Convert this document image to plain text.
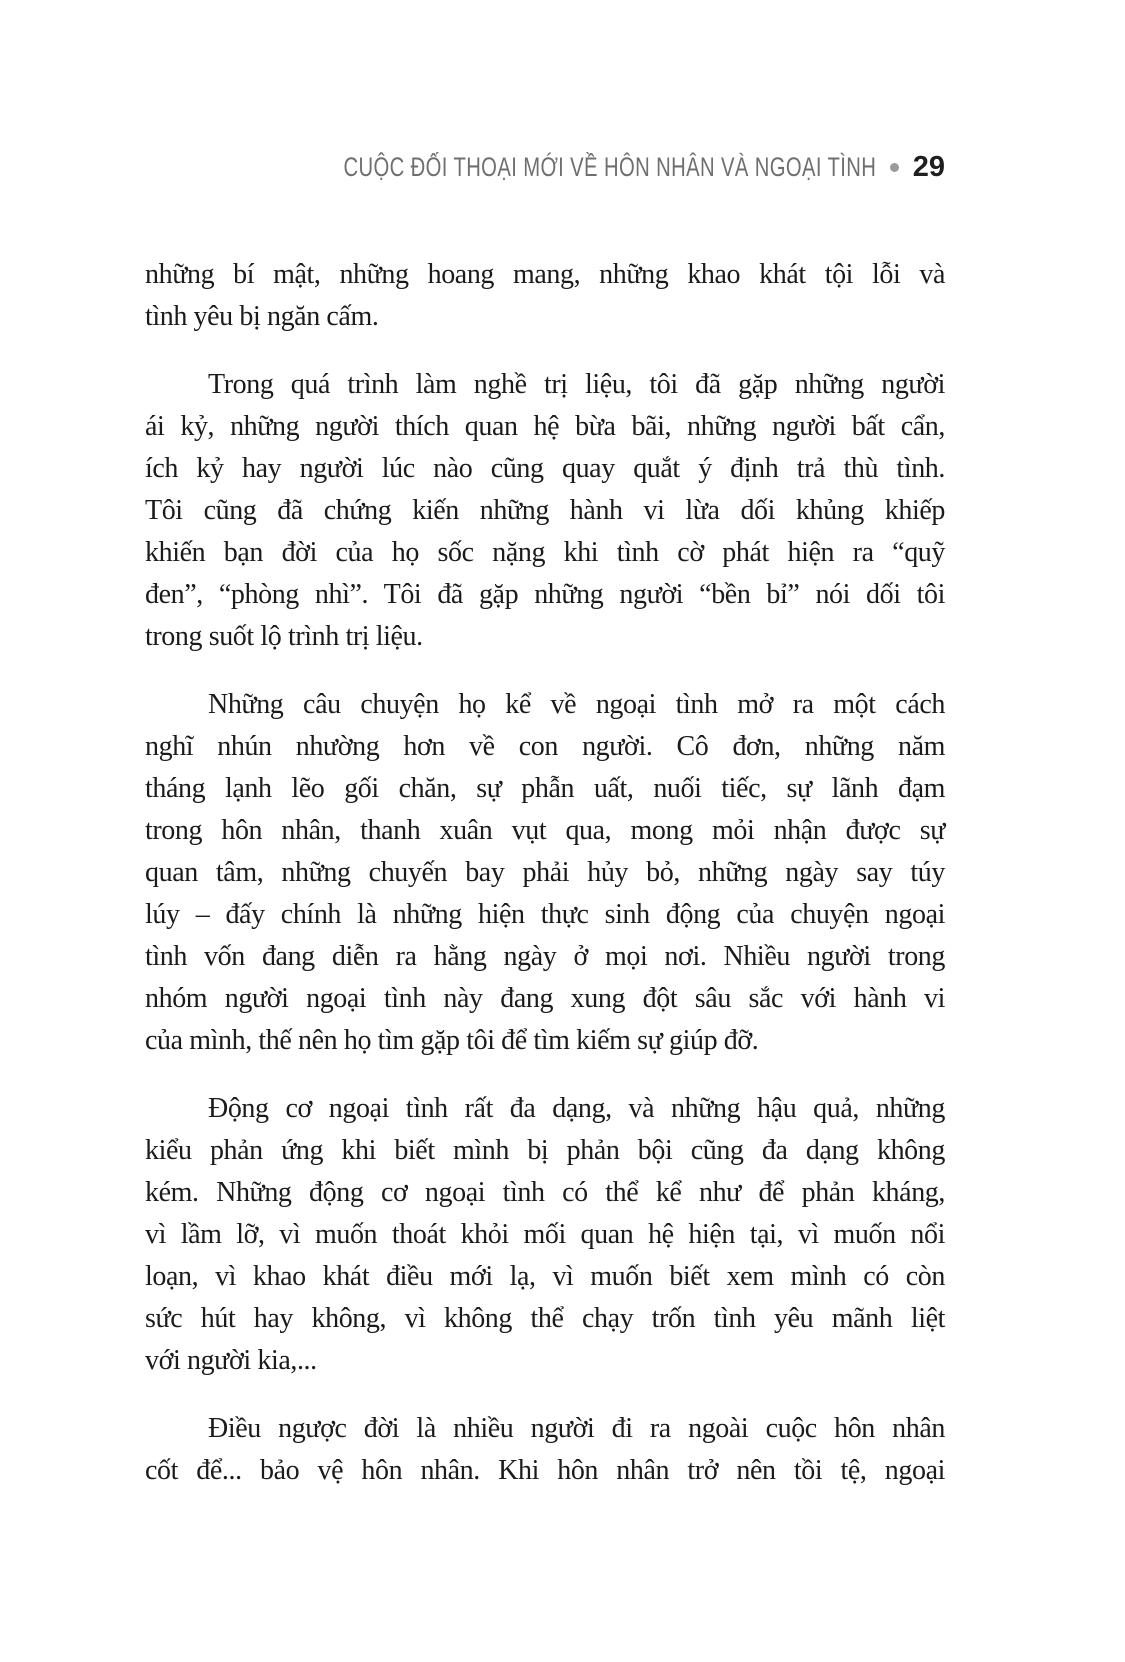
CUỘC ĐỐI THOẠI MỚI VỀ HÔN NHÂN VÀ NGOẠI TÌNH 29
những bí mật, những hoang mang, những khao khát tội lỗi và
tình yêu bị ngăn cấm.
Trong quá trình làm nghề trị liệu, tôi đã gặp những người
ái kỷ, những người thích quan hệ bừa bãi, những người bất cẩn,
ích kỷ hay người lúc nào cũng quay quắt ý định trả thù tình.
Tôi cũng đã chứng kiến những hành vi lừa dối khủng khiếp
khiến bạn đời của họ sốc nặng khi tình cờ phát hiện ra “quỹ
đen”, “phòng nhì”. Tôi đã gặp những người “bền bỉ” nói dối tôi
trong suốt lộ trình trị liệu.
Những câu chuyện họ kể về ngoại tình mở ra một cách
nghĩ nhún nhường hơn về con người. Cô đơn, những năm
tháng lạnh lẽo gối chăn, sự phẫn uất, nuối tiếc, sự lãnh đạm
trong hôn nhân, thanh xuân vụt qua, mong mỏi nhận được sự
quan tâm, những chuyến bay phải hủy bỏ, những ngày say túy
lúy – đấy chính là những hiện thực sinh động của chuyện ngoại
tình vốn đang diễn ra hằng ngày ở mọi nơi. Nhiều người trong
nhóm người ngoại tình này đang xung đột sâu sắc với hành vi
của mình, thế nên họ tìm gặp tôi để tìm kiếm sự giúp đỡ.
Động cơ ngoại tình rất đa dạng, và những hậu quả, những
kiểu phản ứng khi biết mình bị phản bội cũng đa dạng không
kém. Những động cơ ngoại tình có thể kể như để phản kháng,
vì lầm lỡ, vì muốn thoát khỏi mối quan hệ hiện tại, vì muốn nổi
loạn, vì khao khát điều mới lạ, vì muốn biết xem mình có còn
sức hút hay không, vì không thể chạy trốn tình yêu mãnh liệt
với người kia,...
Điều ngược đời là nhiều người đi ra ngoài cuộc hôn nhân
cốt để... bảo vệ hôn nhân. Khi hôn nhân trở nên tồi tệ, ngoại
